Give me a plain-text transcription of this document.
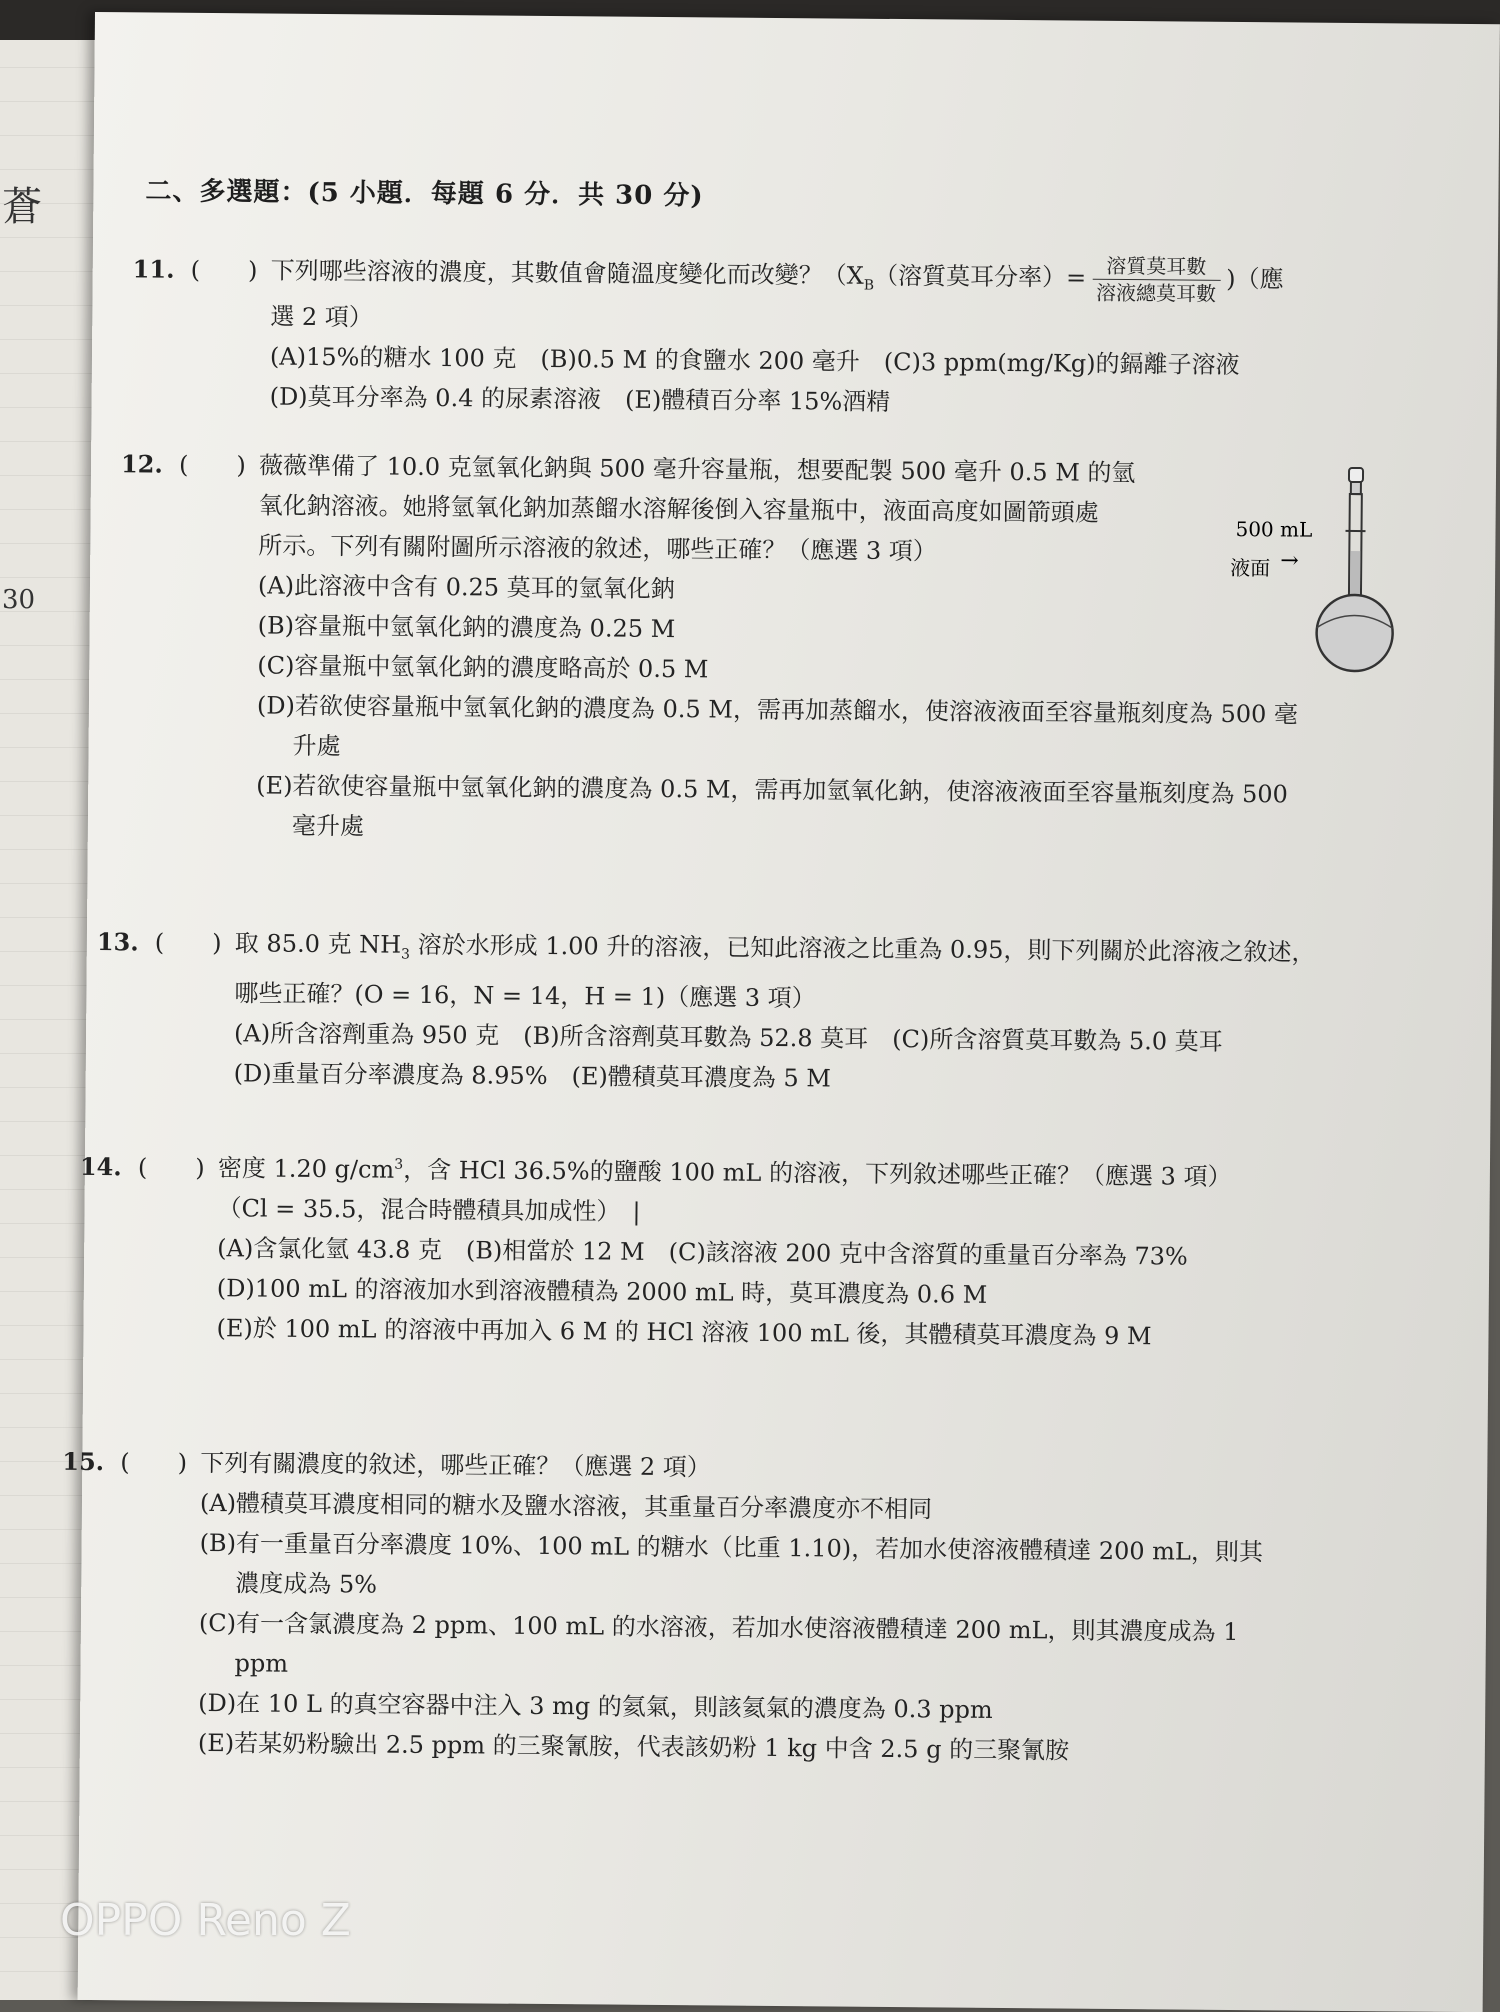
蒼
30
二、多選題：(5 小題．每題 6 分．共 30 分)
11. (　　) 下列哪些溶液的濃度，其數值會隨溫度變化而改變？（$X_B$（溶質莫耳分率）= $\frac{\text{溶質莫耳數}}{\text{溶液總莫耳數}}$ )（應
選 2 項）
(A)15%的糖水 100 克　(B)0.5 M 的食鹽水 200 毫升　(C)3 ppm(mg/Kg)的鎘離子溶液
(D)莫耳分率為 0.4 的尿素溶液　(E)體積百分率 15%酒精
12. (　　) 薇薇準備了 10.0 克氫氧化鈉與 500 毫升容量瓶，想要配製 500 毫升 0.5 M 的氫
氧化鈉溶液。她將氫氧化鈉加蒸餾水溶解後倒入容量瓶中，液面高度如圖箭頭處
所示。下列有關附圖所示溶液的敘述，哪些正確？（應選 3 項）
(A)此溶液中含有 0.25 莫耳的氫氧化鈉
(B)容量瓶中氫氧化鈉的濃度為 0.25 M
(C)容量瓶中氫氧化鈉的濃度略高於 0.5 M
(D)若欲使容量瓶中氫氧化鈉的濃度為 0.5 M，需再加蒸餾水，使溶液液面至容量瓶刻度為 500 毫
升處
(E)若欲使容量瓶中氫氧化鈉的濃度為 0.5 M，需再加氫氧化鈉，使溶液液面至容量瓶刻度為 500
毫升處
500 mL
液面 →
13. (　　) 取 85.0 克 $NH_3$ 溶於水形成 1.00 升的溶液，已知此溶液之比重為 0.95，則下列關於此溶液之敘述，
哪些正確？(O = 16，N = 14，H = 1)（應選 3 項）
(A)所含溶劑重為 950 克　(B)所含溶劑莫耳數為 52.8 莫耳　(C)所含溶質莫耳數為 5.0 莫耳
(D)重量百分率濃度為 8.95%　(E)體積莫耳濃度為 5 M
14. (　　) 密度 1.20 $g/cm^3$，含 HCl 36.5%的鹽酸 100 mL 的溶液，下列敘述哪些正確？（應選 3 項）
（Cl = 35.5，混合時體積具加成性）　|
(A)含氯化氫 43.8 克　(B)相當於 12 M　(C)該溶液 200 克中含溶質的重量百分率為 73%
(D)100 mL 的溶液加水到溶液體積為 2000 mL 時，莫耳濃度為 0.6 M
(E)於 100 mL 的溶液中再加入 6 M 的 HCl 溶液 100 mL 後，其體積莫耳濃度為 9 M
15. (　　) 下列有關濃度的敘述，哪些正確？（應選 2 項）
(A)體積莫耳濃度相同的糖水及鹽水溶液，其重量百分率濃度亦不相同
(B)有一重量百分率濃度 10%、100 mL 的糖水（比重 1.10)，若加水使溶液體積達 200 mL，則其
濃度成為 5%
(C)有一含氯濃度為 2 ppm、100 mL 的水溶液，若加水使溶液體積達 200 mL，則其濃度成為 1
ppm
(D)在 10 L 的真空容器中注入 3 mg 的氦氣，則該氦氣的濃度為 0.3 ppm
(E)若某奶粉驗出 2.5 ppm 的三聚氰胺，代表該奶粉 1 kg 中含 2.5 g 的三聚氰胺
OPPO Reno Z
